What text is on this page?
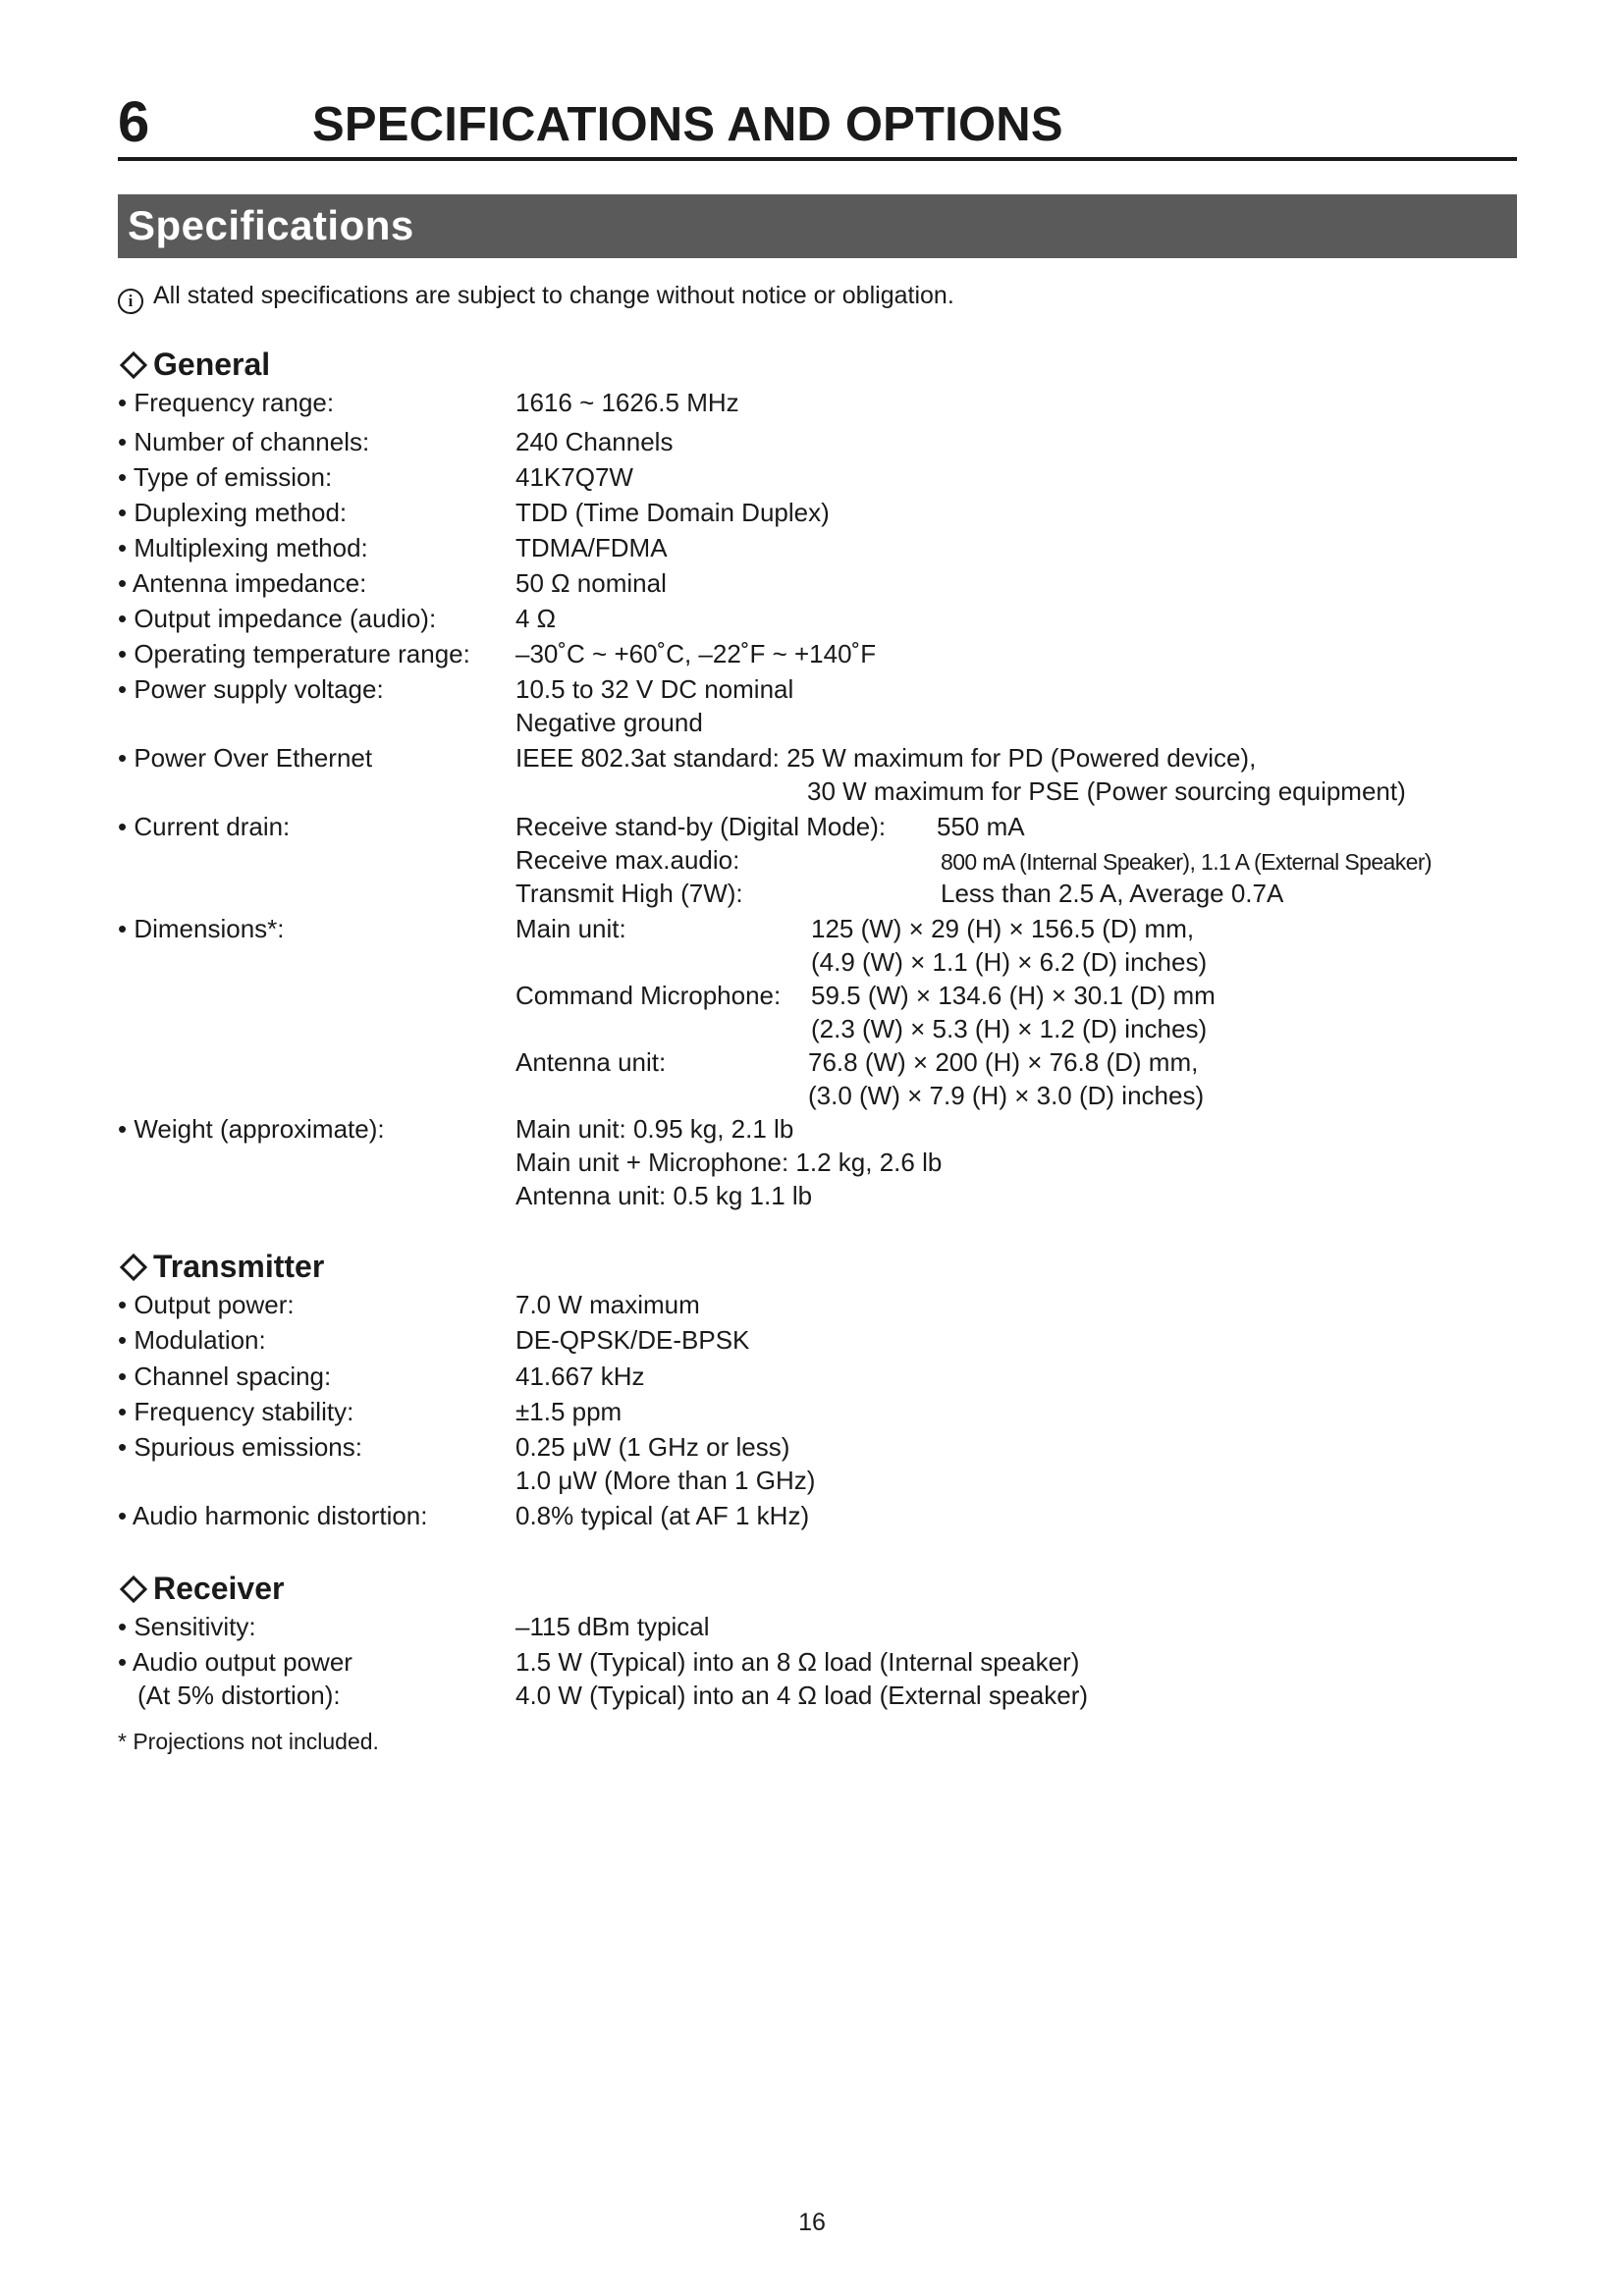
6	SPECIFICATIONS AND OPTIONS
Specifications
i All stated specifications are subject to change without notice or obligation.
General
• Frequency range:	1616 ~ 1626.5 MHz
• Number of channels:	240 Channels
• Type of emission:	41K7Q7W
• Duplexing method:	TDD (Time Domain Duplex)
• Multiplexing method:	TDMA/FDMA
• Antenna impedance:	50 Ω nominal
• Output impedance (audio):	4 Ω
• Operating temperature range: –30˚C ~ +60˚C, –22˚F ~ +140˚F
• Power supply voltage:	10.5 to 32 V DC nominal
Negative ground
• Power Over Ethernet	IEEE 802.3at standard: 25 W maximum for PD (Powered device),
30 W maximum for PSE (Power sourcing equipment)
• Current drain:	Receive stand-by (Digital Mode): 550 mA
Receive max.audio:	800 mA (Internal Speaker), 1.1 A (External Speaker)
Transmit High (7W):	Less than 2.5 A, Average 0.7A
• Dimensions*:	Main unit:	125 (W) × 29 (H) × 156.5 (D) mm,
(4.9 (W) × 1.1 (H) × 6.2 (D) inches)
Command Microphone: 59.5 (W) × 134.6 (H) × 30.1 (D) mm
(2.3 (W) × 5.3 (H) × 1.2 (D) inches)
Antenna unit:	76.8 (W) × 200 (H) × 76.8 (D) mm,
(3.0 (W) × 7.9 (H) × 3.0 (D) inches)
• Weight (approximate):	Main unit: 0.95 kg, 2.1 lb
Main unit + Microphone: 1.2 kg, 2.6 lb
Antenna unit: 0.5 kg 1.1 lb
Transmitter
• Output power:	7.0 W maximum
• Modulation:	DE-QPSK/DE-BPSK
• Channel spacing:	41.667 kHz
• Frequency stability:	±1.5 ppm
• Spurious emissions:	0.25 μW (1 GHz or less)
1.0 μW (More than 1 GHz)
• Audio harmonic distortion:	0.8% typical (at AF 1 kHz)
Receiver
• Sensitivity:	–115 dBm typical
• Audio output power	1.5 W (Typical) into an 8 Ω load (Internal speaker)
(At 5% distortion):	4.0 W (Typical) into an 4 Ω load (External speaker)
* Projections not included.
16
